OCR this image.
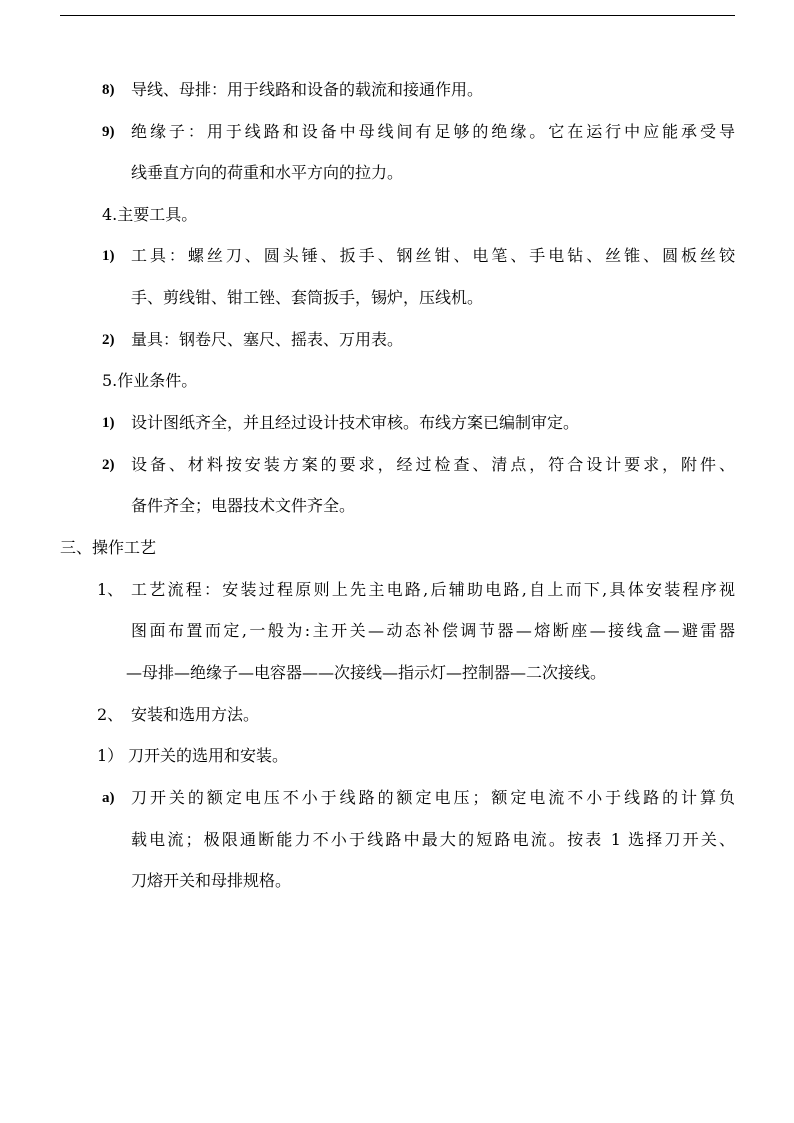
8) 导线、母排：用于线路和设备的载流和接通作用。
9) 绝缘子：用于线路和设备中母线间有足够的绝缘。它在运行中应能承受导
线垂直方向的荷重和水平方向的拉力。
4.主要工具。
1) 工具：螺丝刀、圆头锤、扳手、钢丝钳、电笔、手电钻、丝锥、圆板丝铰
手、剪线钳、钳工锉、套筒扳手，锡炉，压线机。
2) 量具：钢卷尺、塞尺、摇表、万用表。
5.作业条件。
1) 设计图纸齐全，并且经过设计技术审核。布线方案已编制审定。
2) 设备、材料按安装方案的要求，经过检查、清点，符合设计要求，附件、
备件齐全；电器技术文件齐全。
三、操作工艺
1、 工艺流程：安装过程原则上先主电路,后辅助电路,自上而下,具体安装程序视
图面布置而定,一般为:主开关—动态补偿调节器—熔断座—接线盒—避雷器
—母排—绝缘子—电容器——次接线—指示灯—控制器—二次接线。
2、 安装和选用方法。
1） 刀开关的选用和安装。
a) 刀开关的额定电压不小于线路的额定电压；额定电流不小于线路的计算负
载电流；极限通断能力不小于线路中最大的短路电流。按表 1 选择刀开关、
刀熔开关和母排规格。
